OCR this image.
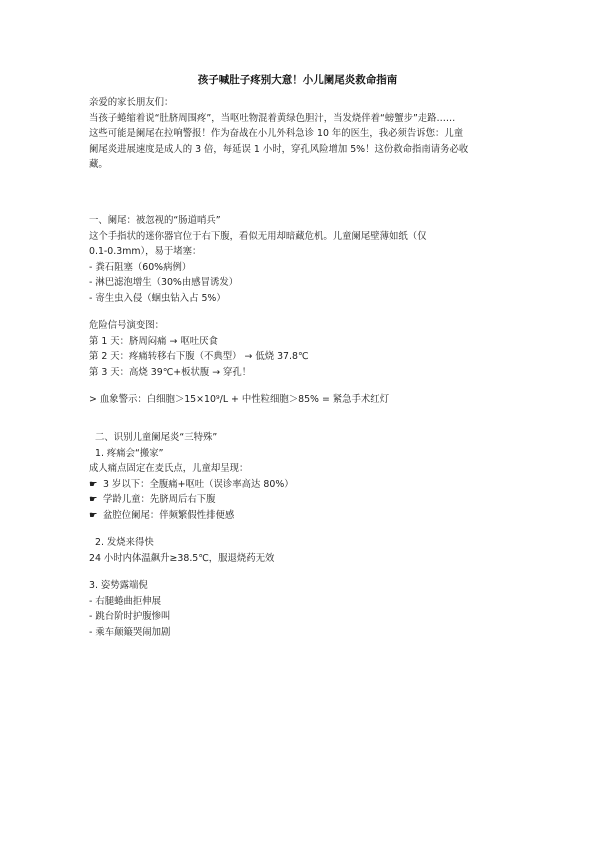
孩子喊肚子疼别大意！小儿阑尾炎救命指南
亲爱的家长朋友们：
当孩子蜷缩着说“肚脐周围疼”，当呕吐物混着黄绿色胆汁，当发烧伴着“螃蟹步”走路……
这些可能是阑尾在拉响警报！作为奋战在小儿外科急诊 10 年的医生，我必须告诉您：儿童
阑尾炎进展速度是成人的 3 倍，每延误 1 小时，穿孔风险增加 5%！这份救命指南请务必收
藏。
一、阑尾：被忽视的“肠道哨兵”
这个手指状的迷你器官位于右下腹，看似无用却暗藏危机。儿童阑尾壁薄如纸（仅
0.1-0.3mm），易于堵塞：
- 粪石阻塞（60%病例）
- 淋巴滤泡增生（30%由感冒诱发）
- 寄生虫入侵（蛔虫钻入占 5%）
危险信号演变图：
第 1 天：脐周闷痛 → 呕吐厌食
第 2 天：疼痛转移右下腹（不典型） → 低烧 37.8℃
第 3 天：高烧 39℃+板状腹 → 穿孔！
> 血象警示：白细胞＞15×10⁹/L + 中性粒细胞＞85% = 紧急手术红灯
二、识别儿童阑尾炎“三特殊”
1. 疼痛会“搬家”
成人痛点固定在麦氏点，儿童却呈现：
☛ 3 岁以下：全腹痛+呕吐（误诊率高达 80%）
☛ 学龄儿童：先脐周后右下腹
☛ 盆腔位阑尾：伴频繁假性排便感
2. 发烧来得快
24 小时内体温飙升≥38.5℃，服退烧药无效
3. 姿势露端倪
- 右腿蜷曲拒伸展
- 跳台阶时护腹惨叫
- 乘车颠簸哭闹加剧
